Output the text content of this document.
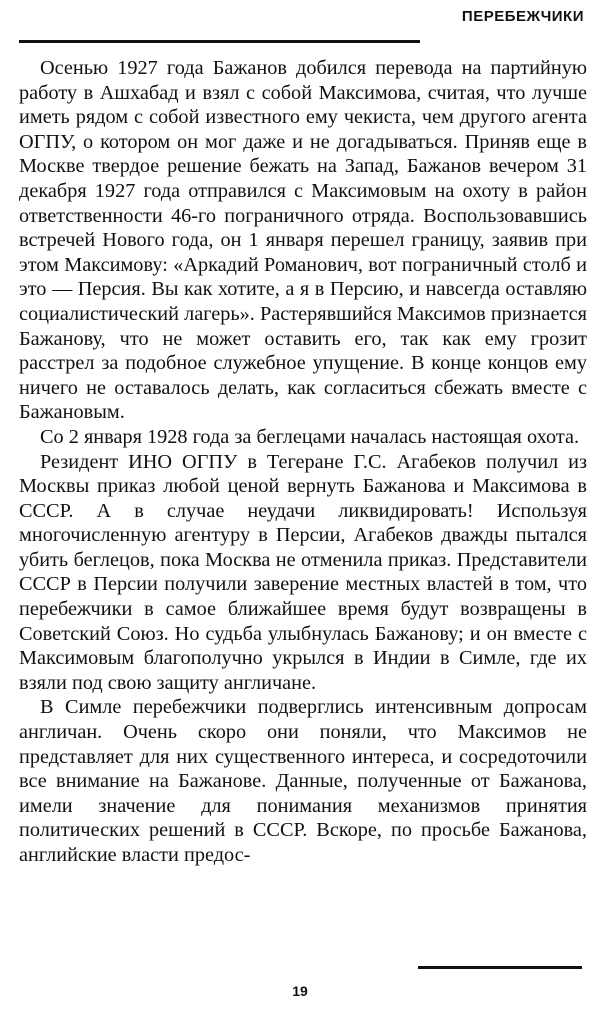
ПЕРЕБЕЖЧИКИ

Осенью 1927 года Бажанов добился перевода на партийную работу в Ашхабад и взял с собой Максимова, считая, что лучше иметь рядом с собой известного ему чекиста, чем другого агента ОГПУ, о котором он мог даже и не догадываться. Приняв еще в Москве твердое решение бежать на Запад, Бажанов вечером 31 декабря 1927 года отправился с Максимовым на охоту в район ответственности 46-го пограничного отряда. Воспользовавшись встречей Нового года, он 1 января перешел границу, заявив при этом Максимову: «Аркадий Романович, вот пограничный столб и это — Персия. Вы как хотите, а я в Персию, и навсегда оставляю социалистический лагерь». Растерявшийся Максимов признается Бажанову, что не может оставить его, так как ему грозит расстрел за подобное служебное упущение. В конце концов ему ничего не оставалось делать, как согласиться сбежать вместе с Бажановым.

Со 2 января 1928 года за беглецами началась настоящая охота.

Резидент ИНО ОГПУ в Тегеране Г.С. Агабеков получил из Москвы приказ любой ценой вернуть Бажанова и Максимова в СССР. А в случае неудачи ликвидировать! Используя многочисленную агентуру в Персии, Агабеков дважды пытался убить беглецов, пока Москва не отменила приказ. Представители СССР в Персии получили заверение местных властей в том, что перебежчики в самое ближайшее время будут возвращены в Советский Союз. Но судьба улыбнулась Бажанову; и он вместе с Максимовым благополучно укрылся в Индии в Симле, где их взяли под свою защиту англичане.

В Симле перебежчики подверглись интенсивным допросам англичан. Очень скоро они поняли, что Максимов не представляет для них существенного интереса, и сосредоточили все внимание на Бажанове. Данные, полученные от Бажанова, имели значение для понимания механизмов принятия политических решений в СССР. Вскоре, по просьбе Бажанова, английские власти предос-

19
